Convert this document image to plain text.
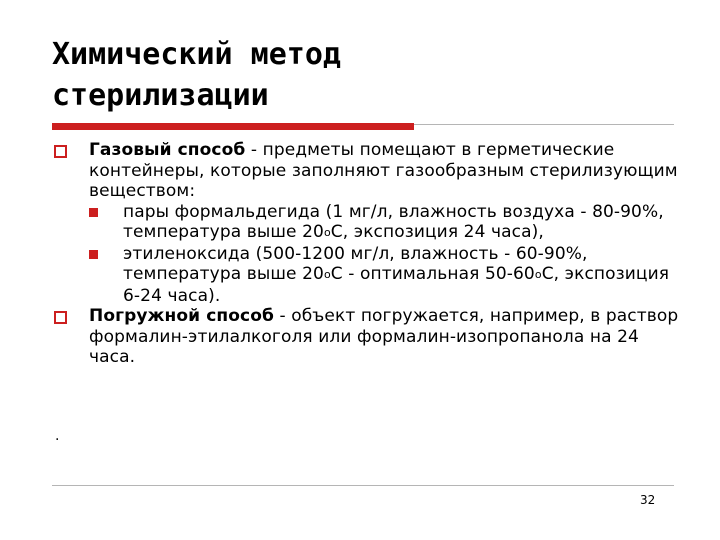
Химический метод
стерилизации
Газовый способ - предметы помещают в герметические контейнеры, которые заполняют газообразным стерилизующим веществом:
пары формальдегида (1 мг/л, влажность воздуха - 80-90%, температура выше $20^оС$, экспозиция 24 часа),
этиленоксида (500-1200 мг/л, влажность - 60-90%, температура выше $20^оС$ - оптимальная $50-60^оС$, экспозиция 6-24 часа).
Погружной способ - объект погружается, например, в раствор формалин-этилалкоголя или формалин-изопропанола на 24 часа.
.
32
